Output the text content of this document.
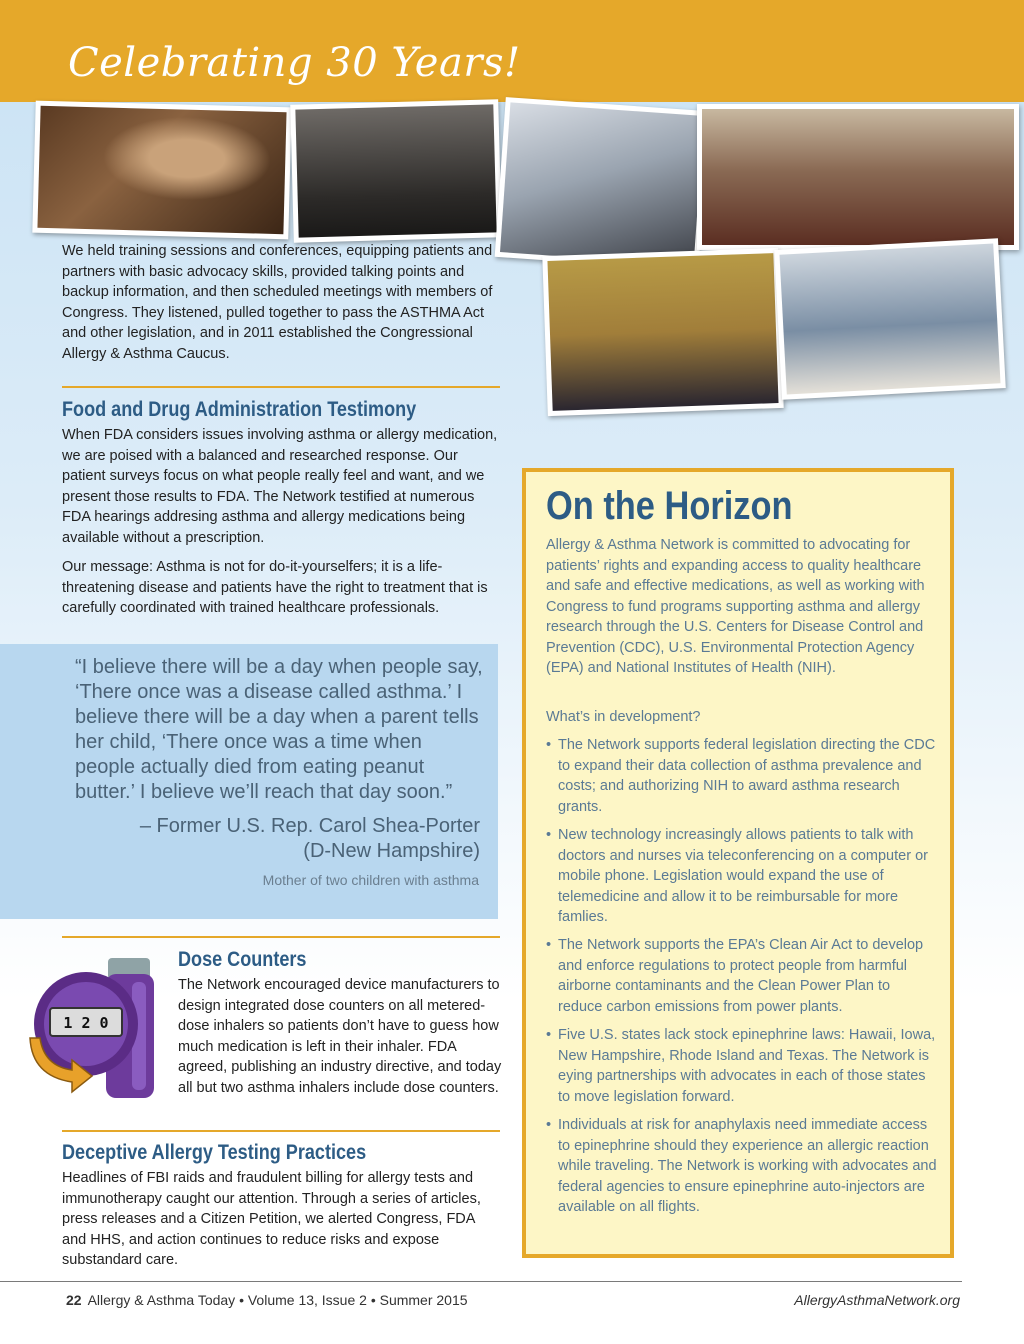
Celebrating 30 Years!

We held training sessions and conferences, equipping patients and partners with basic advocacy skills, provided talking points and backup information, and then scheduled meetings with members of Congress. They listened, pulled together to pass the ASTHMA Act and other legislation, and in 2011 established the Congressional Allergy & Asthma Caucus.

Food and Drug Administration Testimony

When FDA considers issues involving asthma or allergy medication, we are poised with a balanced and researched response. Our patient surveys focus on what people really feel and want, and we present those results to FDA. The Network testified at numerous FDA hearings addresing asthma and allergy medications being available without a prescription.

Our message: Asthma is not for do-it-yourselfers; it is a life-threatening disease and patients have the right to treatment that is carefully coordinated with trained healthcare professionals.

“I believe there will be a day when people say, ‘There once was a disease called asthma.’ I believe there will be a day when a parent tells her child, ‘There once was a time when people actually died from eating peanut butter.’ I believe we’ll reach that day soon.”

– Former U.S. Rep. Carol Shea-Porter
(D-New Hampshire)
Mother of two children with asthma
1 2 0
Dose Counters

The Network encouraged device manufacturers to design integrated dose counters on all metered-dose inhalers so patients don’t have to guess how much medication is left in their inhaler. FDA agreed, publishing an industry directive, and today all but two asthma inhalers include dose counters.

Deceptive Allergy Testing Practices

Headlines of FBI raids and fraudulent billing for allergy tests and immunotherapy caught our attention. Through a series of articles, press releases and a Citizen Petition, we alerted Congress, FDA and HHS, and action continues to reduce risks and expose substandard care.

On the Horizon

Allergy & Asthma Network is committed to advocating for patients’ rights and expanding access to quality healthcare and safe and effective medications, as well as working with Congress to fund programs supporting asthma and allergy research through the U.S. Centers for Disease Control and Prevention (CDC), U.S. Environmental Protection Agency (EPA) and National Institutes of Health (NIH).

What’s in development?

• The Network supports federal legislation directing the CDC to expand their data collection of asthma prevalence and costs; and authorizing NIH to award asthma research grants.

• New technology increasingly allows patients to talk with doctors and nurses via teleconferencing on a computer or mobile phone. Legislation would expand the use of telemedicine and allow it to be reimbursable for more famlies.

• The Network supports the EPA’s Clean Air Act to develop and enforce regulations to protect people from harmful airborne contaminants and the Clean Power Plan to reduce carbon emissions from power plants.

• Five U.S. states lack stock epinephrine laws: Hawaii, Iowa, New Hampshire, Rhode Island and Texas. The Network is eying partnerships with advocates in each of those states to move legislation forward.

• Individuals at risk for anaphylaxis need immediate access to epinephrine should they experience an allergic reaction while traveling. The Network is working with advocates and federal agencies to ensure epinephrine auto-injectors are available on all flights.

22 Allergy & Asthma Today • Volume 13, Issue 2 • Summer 2015	AllergyAsthmaNetwork.org
